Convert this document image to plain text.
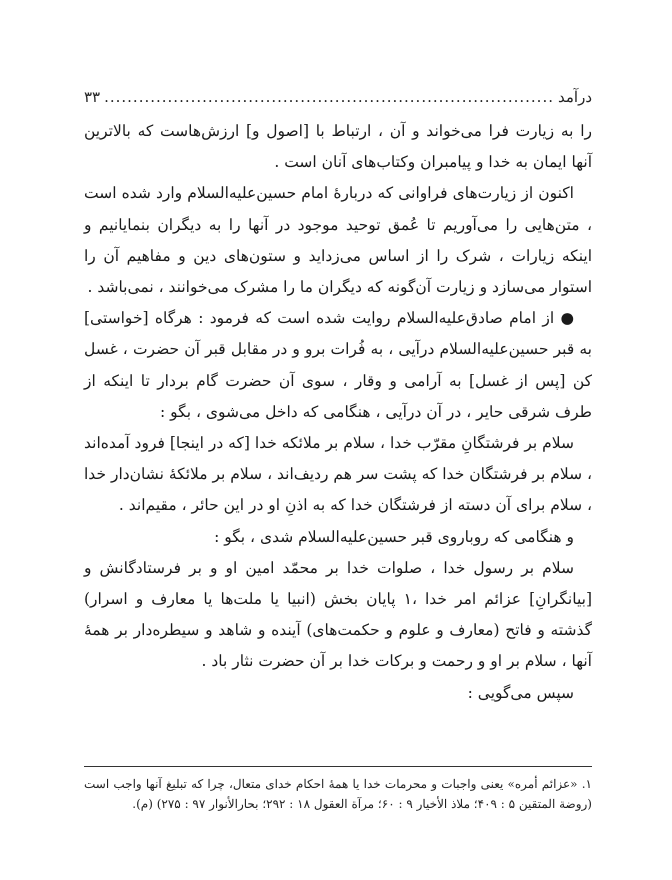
درآمد
.....
۳۳

را به زیارت فرا می‌خواند و آن ، ارتباط با [اصول و] ارزش‌هاست که بالاترین آنها ایمان به خدا و پیامبران وکتاب‌های آنان است .

اکنون از زیارت‌های فراوانی که دربارۀ امام حسین‌عليه‌السلام وارد شده است ، متن‌هایی را می‌آوریم تا عُمق توحید موجود در آنها را به دیگران بنمایانیم و اینکه زیارات ، شرک را از اساس می‌زداید و ستون‌های دین و مفاهیم آن را استوار می‌سازد و زیارت آن‌گونه که دیگران ما را مشرک می‌خوانند ، نمی‌باشد .

● از امام صادق‌عليه‌السلام روایت شده است که فرمود : هرگاه [خواستی] به قبر حسین‌عليه‌السلام درآیی ، به فُرات برو و در مقابل قبر آن حضرت ، غسل کن [پس از غسل] به آرامی و وقار ، سوی آن حضرت گام بردار تا اینکه از طرف شرقی حایر ، در آن درآیی ، هنگامی که داخل می‌شوی ، بگو :

سلام بر فرشتگانِ مقرّب خدا ، سلام بر ملائکه خدا [که در اینجا] فرود آمده‌اند ، سلام بر فرشتگان خدا که پشت سر هم ردیف‌اند ، سلام بر ملائکۀ نشان‌دار خدا ، سلام برای آن دسته از فرشتگان خدا که به اذنِ او در این حائر ، مقیم‌اند .

و هنگامی که روباروی قبر حسین‌عليه‌السلام شدی ، بگو :

سلام بر رسول خدا ، صلوات خدا بر محمّد امین او و بر فرستادگانش و [بیانگرانِ] عزائم امر خدا ،۱ پایان بخش (انبیا یا ملت‌ها یا معارف و اسرار) گذشته و فاتح (معارف و علوم و حکمت‌های) آینده و شاهد و سیطره‌دار بر همۀ آنها ، سلام بر او و رحمت و برکات خدا بر آن حضرت نثار باد .

سپس می‌گویی :

۱. «عزائم أمره» یعنی واجبات و محرمات خدا یا همۀ احکام خدای متعال، چرا که تبلیغ آنها واجب است (روضة المتقین ۵ : ۴۰۹؛ ملاذ الأخیار ۹ : ۶۰؛ مرآة العقول ۱۸ : ۲۹۲؛ بحارالأنوار ۹۷ : ۲۷۵) (م).
